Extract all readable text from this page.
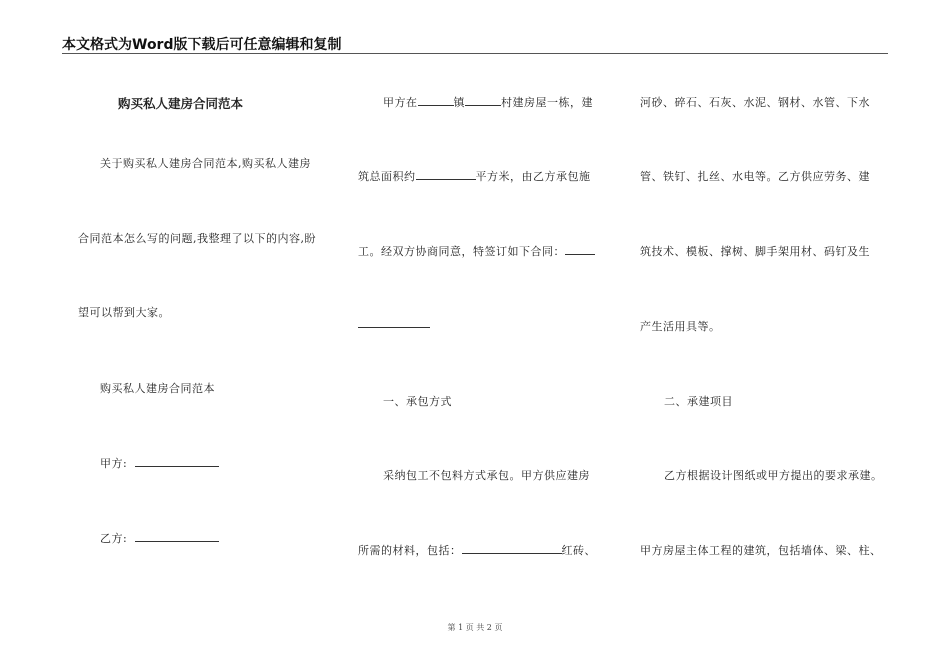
本文格式为Word版下载后可任意编辑和复制
购买私人建房合同范本
关于购买私人建房合同范本,购买私人建房
合同范本怎么写的问题,我整理了以下的内容,盼
望可以帮到大家。
购买私人建房合同范本
甲方:
乙方:
甲方在	镇	村建房屋一栋，建
筑总面积约	平方米，由乙方承包施
工。经双方协商同意，特签订如下合同：
一、承包方式
采纳包工不包料方式承包。甲方供应建房
所需的材料，包括：	红砖、
河砂、碎石、石灰、水泥、钢材、水管、下水
管、铁钉、扎丝、水电等。乙方供应劳务、建
筑技术、模板、撑树、脚手架用材、码钉及生
产生活用具等。
二、承建项目
乙方根据设计图纸或甲方提出的要求承建。
甲方房屋主体工程的建筑，包括墙体、梁、柱、
第 1 页 共 2 页
